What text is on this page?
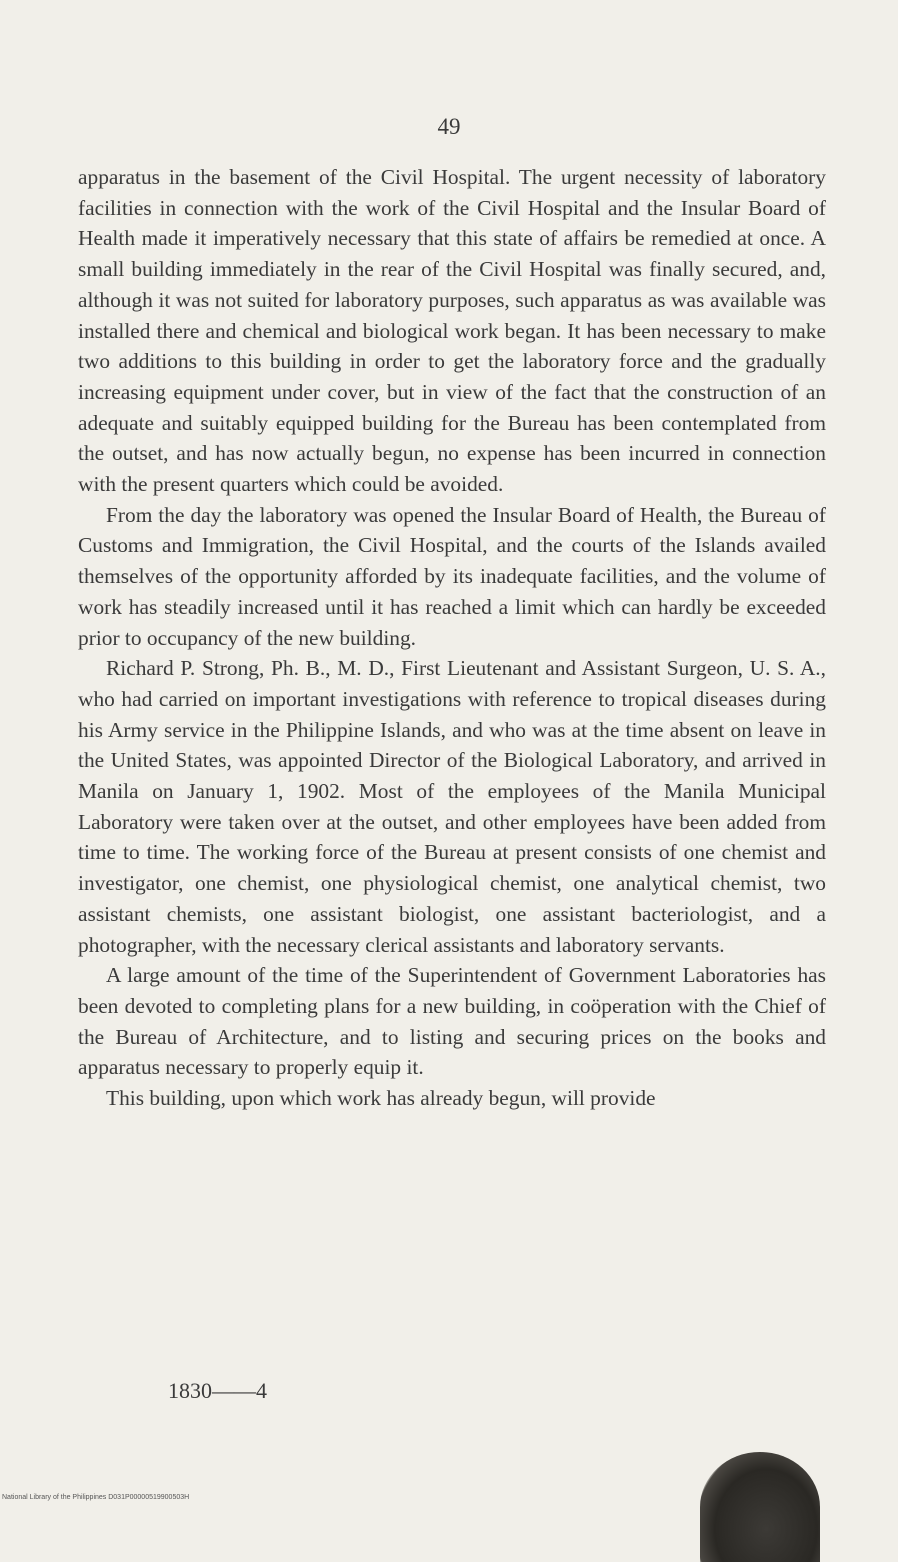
49

apparatus in the basement of the Civil Hospital. The urgent necessity of laboratory facilities in connection with the work of the Civil Hospital and the Insular Board of Health made it imperatively necessary that this state of affairs be remedied at once. A small building immediately in the rear of the Civil Hospital was finally secured, and, although it was not suited for laboratory purposes, such apparatus as was available was installed there and chemical and biological work began. It has been necessary to make two additions to this building in order to get the laboratory force and the gradually increasing equipment under cover, but in view of the fact that the construction of an adequate and suitably equipped building for the Bureau has been contemplated from the outset, and has now actually begun, no expense has been incurred in connection with the present quarters which could be avoided.

From the day the laboratory was opened the Insular Board of Health, the Bureau of Customs and Immigration, the Civil Hospital, and the courts of the Islands availed themselves of the opportunity afforded by its inadequate facilities, and the volume of work has steadily increased until it has reached a limit which can hardly be exceeded prior to occupancy of the new building.

Richard P. Strong, Ph. B., M. D., First Lieutenant and Assistant Surgeon, U. S. A., who had carried on important investigations with reference to tropical diseases during his Army service in the Philippine Islands, and who was at the time absent on leave in the United States, was appointed Director of the Biological Laboratory, and arrived in Manila on January 1, 1902. Most of the employees of the Manila Municipal Laboratory were taken over at the outset, and other employees have been added from time to time. The working force of the Bureau at present consists of one chemist and investigator, one chemist, one physiological chemist, one analytical chemist, two assistant chemists, one assistant biologist, one assistant bacteriologist, and a photographer, with the necessary clerical assistants and laboratory servants.

A large amount of the time of the Superintendent of Government Laboratories has been devoted to completing plans for a new building, in coöperation with the Chief of the Bureau of Architecture, and to listing and securing prices on the books and apparatus necessary to properly equip it.

This building, upon which work has already begun, will provide

1830——4
National Library of the Philippines D031P00000519900503H
